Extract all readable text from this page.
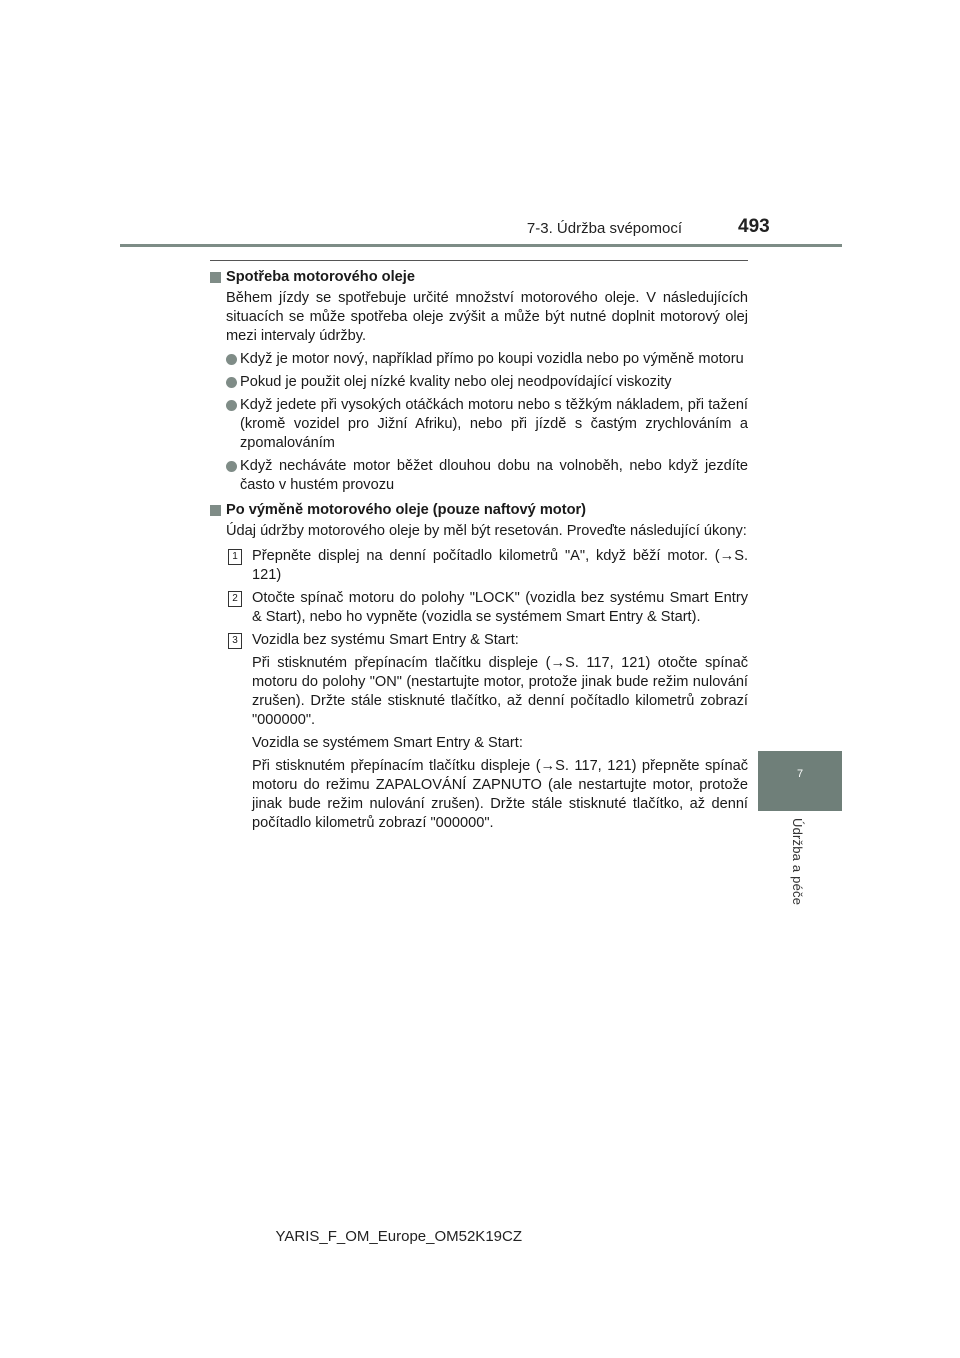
7-3. Údržba svépomocí	493
7
Údržba a péče
Spotřeba motorového oleje
Během jízdy se spotřebuje určité množství motorového oleje. V následujících situacích se může spotřeba oleje zvýšit a může být nutné doplnit motorový olej mezi intervaly údržby.
Když je motor nový, například přímo po koupi vozidla nebo po výměně motoru
Pokud je použit olej nízké kvality nebo olej neodpovídající viskozity
Když jedete při vysokých otáčkách motoru nebo s těžkým nákladem, při tažení (kromě vozidel pro Jižní Afriku), nebo při jízdě s častým zrychlováním a zpomalováním
Když necháváte motor běžet dlouhou dobu na volnoběh, nebo když jezdíte často v hustém provozu
Po výměně motorového oleje (pouze naftový motor)
Údaj údržby motorového oleje by měl být resetován. Proveďte následující úkony:
1 Přepněte displej na denní počítadlo kilometrů "A", když běží motor. (→S. 121)
2 Otočte spínač motoru do polohy "LOCK" (vozidla bez systému Smart Entry & Start), nebo ho vypněte (vozidla se systémem Smart Entry & Start).
3 Vozidla bez systému Smart Entry & Start:
Při stisknutém přepínacím tlačítku displeje (→S. 117, 121) otočte spínač motoru do polohy "ON" (nestartujte motor, protože jinak bude režim nulování zrušen). Držte stále stisknuté tlačítko, až denní počítadlo kilometrů zobrazí "000000".
Vozidla se systémem Smart Entry & Start:
Při stisknutém přepínacím tlačítku displeje (→S. 117, 121) přepněte spínač motoru do režimu ZAPALOVÁNÍ ZAPNUTO (ale nestartujte motor, protože jinak bude režim nulování zrušen). Držte stále stisknuté tlačítko, až denní počítadlo kilometrů zobrazí "000000".
YARIS_F_OM_Europe_OM52K19CZ
